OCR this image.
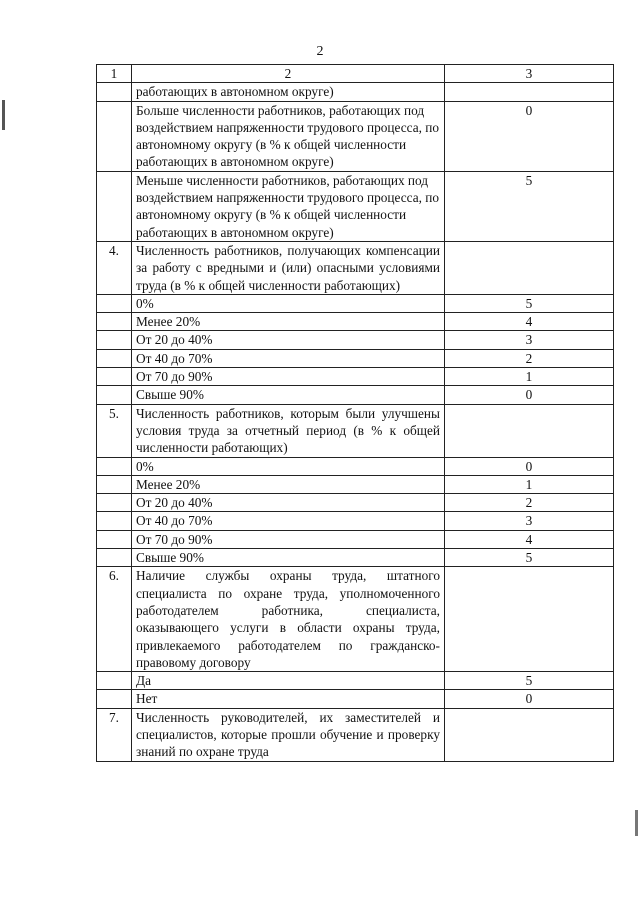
2
1	2	3
	работающих в автономном округе)	
	Больше численности работников, работающих под воздействием напряженности трудового процесса, по автономному округу (в % к общей численности работающих в автономном округе)	0
	Меньше численности работников, работающих под воздействием напряженности трудового процесса, по автономному округу (в % к общей численности работающих в автономном округе)	5
4.	Численность работников, получающих компенсации за работу с вредными и (или) опасными условиями труда (в % к общей численности работающих)	
	0%	5
	Менее 20%	4
	От 20 до 40%	3
	От 40 до 70%	2
	От 70 до 90%	1
	Свыше 90%	0
5.	Численность работников, которым были улучшены условия труда за отчетный период (в % к общей численности работающих)	
	0%	0
	Менее 20%	1
	От 20 до 40%	2
	От 40 до 70%	3
	От 70 до 90%	4
	Свыше 90%	5
6.	Наличие службы охраны труда, штатного специалиста по охране труда, уполномоченного работодателем работника, специалиста, оказывающего услуги в области охраны труда, привлекаемого работодателем по гражданско-правовому договору	
	Да	5
	Нет	0
7.	Численность руководителей, их заместителей и специалистов, которые прошли обучение и проверку знаний по охране труда	
